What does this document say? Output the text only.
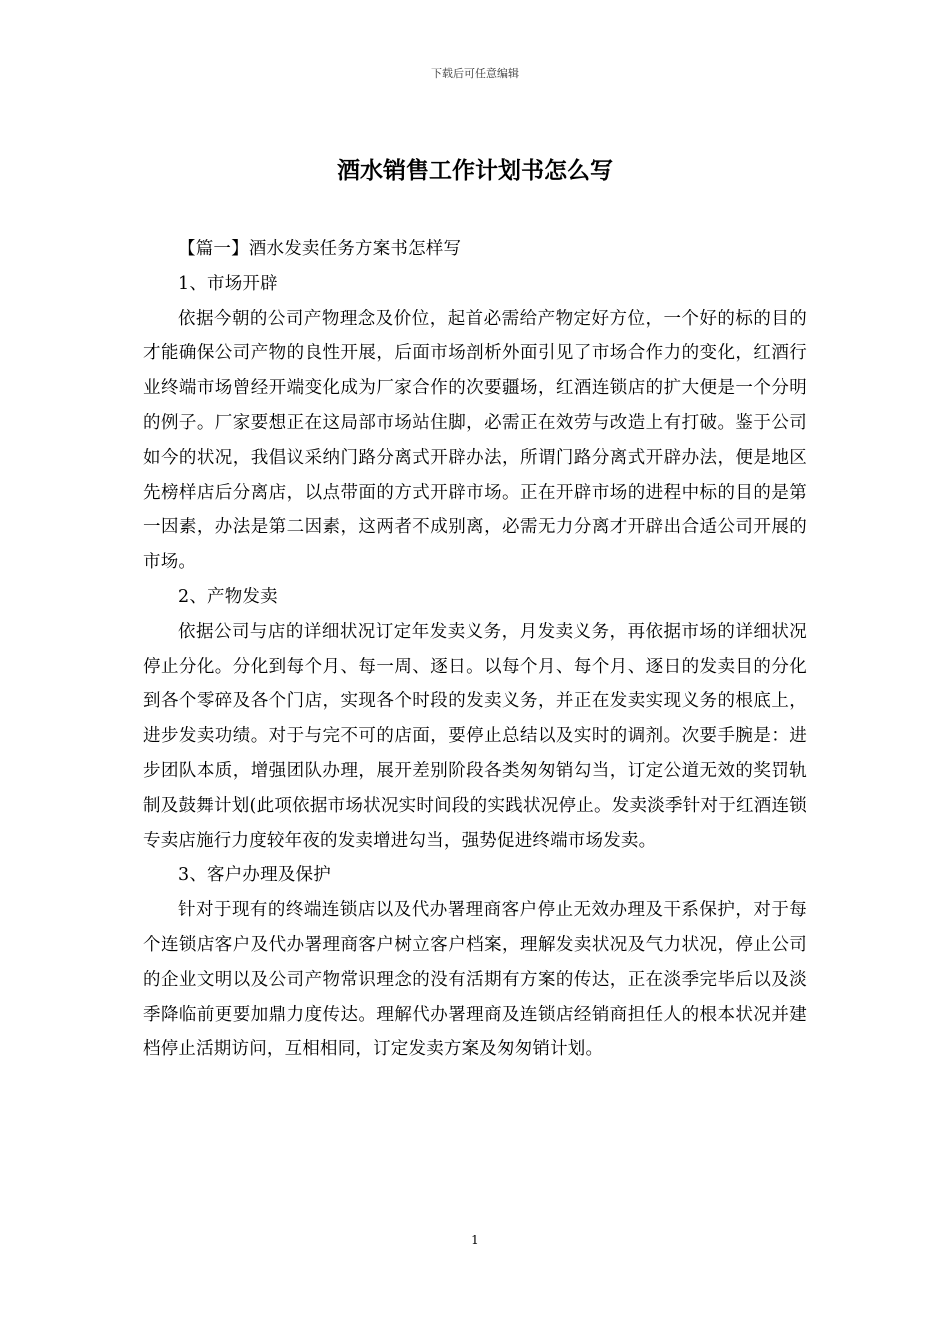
下载后可任意编辑
酒水销售工作计划书怎么写

【篇一】酒水发卖任务方案书怎样写

1、市场开辟

依据今朝的公司产物理念及价位，起首必需给产物定好方位，一个好的标的目的才能确保公司产物的良性开展，后面市场剖析外面引见了市场合作力的变化，红酒行业终端市场曾经开端变化成为厂家合作的次要疆场，红酒连锁店的扩大便是一个分明的例子。厂家要想正在这局部市场站住脚，必需正在效劳与改造上有打破。鉴于公司如今的状况，我倡议采纳门路分离式开辟办法，所谓门路分离式开辟办法，便是地区先榜样店后分离店，以点带面的方式开辟市场。正在开辟市场的进程中标的目的是第一因素，办法是第二因素，这两者不成别离，必需无力分离才开辟出合适公司开展的市场。

2、产物发卖

依据公司与店的详细状况订定年发卖义务，月发卖义务，再依据市场的详细状况停止分化。分化到每个月、每一周、逐日。以每个月、每个月、逐日的发卖目的分化到各个零碎及各个门店，实现各个时段的发卖义务，并正在发卖实现义务的根底上，进步发卖功绩。对于与完不可的店面，要停止总结以及实时的调剂。次要手腕是：进步团队本质，增强团队办理，展开差别阶段各类匆匆销勾当，订定公道无效的奖罚轨制及鼓舞计划(此项依据市场状况实时间段的实践状况停止。发卖淡季针对于红酒连锁专卖店施行力度较年夜的发卖增进勾当，强势促进终端市场发卖。

3、客户办理及保护

针对于现有的终端连锁店以及代办署理商客户停止无效办理及干系保护，对于每个连锁店客户及代办署理商客户树立客户档案，理解发卖状况及气力状况，停止公司的企业文明以及公司产物常识理念的没有活期有方案的传达，正在淡季完毕后以及淡季降临前更要加鼎力度传达。理解代办署理商及连锁店经销商担任人的根本状况并建档停止活期访问，互相相同，订定发卖方案及匆匆销计划。

1
